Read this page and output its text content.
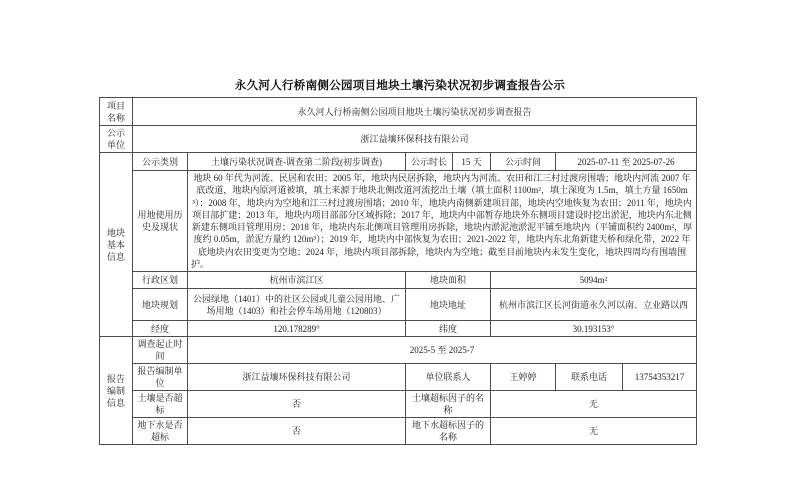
永久河人行桥南侧公园项目地块土壤污染状况初步调查报告公示
项目名称	永久河人行桥南侧公园项目地块土壤污染状况初步调查报告						
公示单位	浙江益壤环保科技有限公司						
地块基本信息	公示类别	土壤污染状况调查-调查第二阶段(初步调查)	公示时长	15 天	公示时间	2025-07-11 至 2025-07-26	
	用地使用历史及现状	地块 60 年代为河流、民居和农田；2005 年，地块内民居拆除，地块内为河流、农田和江三村过渡房围墙；地块内河流 2007 年底改道，地块内原河道被填，填土来源于地块北侧改道河流挖出土壤（填土面积 1100m²，填土深度为 1.5m，填土方量 1650m³）；2008 年，地块内为空地和江三村过渡房围墙；2010 年，地块内南侧新建项目部，地块内空地恢复为农田；2011 年，地块内项目部扩建；2013 年，地块内项目部部分区域拆除；2017 年，地块内中部暂存地块外东侧项目建设时挖出淤泥，地块内东北侧新建东侧项目管理用房；2018 年，地块内东北侧项目管理用房拆除，地块内淤泥池淤泥平铺至地块内（平铺面积约 2400m²，厚度约 0.05m，淤泥方量约 120m³）；2019 年，地块内中部恢复为农田；2021-2022 年，地块内东北角新建天桥和绿化带，2022 年底地块内农田变更为空地；2024 年，地块内项目部拆除，地块内为空地；截至目前地块内未发生变化，地块四周均有围墙围护。					
	行政区划	杭州市滨江区	地块面积		5094m²		
	地块规划	公园绿地（1401）中的社区公园或儿童公园用地、广场用地（1403）和社会停车场用地（120803）	地块地址		杭州市滨江区长河街道永久河以南、立业路以西		
	经度	120.178289°	纬度		30.193153°		
报告编制信息	调查起止时间	2025-5 至 2025-7					
	报告编制单位	浙江益壤环保科技有限公司	单位联系人		王婷婷	联系电话	13754353217
	土壤是否超标	否	土壤超标因子的名称		无		
	地下水是否超标	否	地下水超标因子的名称		无		
